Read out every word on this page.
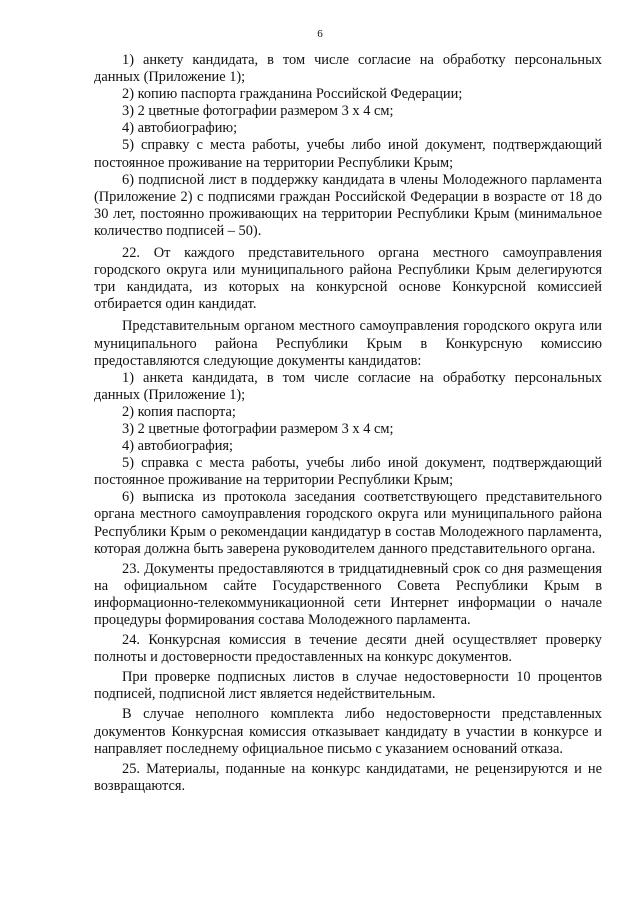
6

1) анкету кандидата, в том числе согласие на обработку персональных данных (Приложение 1);

2) копию паспорта гражданина Российской Федерации;

3) 2 цветные фотографии размером 3 х 4 см;

4) автобиографию;

5) справку с места работы, учебы либо иной документ, подтверждающий постоянное проживание на территории Республики Крым;

6) подписной лист в поддержку кандидата в члены Молодежного парламента (Приложение 2) с подписями граждан Российской Федерации в возрасте от 18 до 30 лет, постоянно проживающих на территории Республики Крым (минимальное количество подписей – 50).

22. От каждого представительного органа местного самоуправления городского округа или муниципального района Республики Крым делегируются три кандидата, из которых на конкурсной основе Конкурсной комиссией отбирается один кандидат.

Представительным органом местного самоуправления городского округа или муниципального района Республики Крым в Конкурсную комиссию предоставляются следующие документы кандидатов:

1) анкета кандидата, в том числе согласие на обработку персональных данных (Приложение 1);

2) копия паспорта;

3) 2 цветные фотографии размером 3 х 4 см;

4) автобиография;

5) справка с места работы, учебы либо иной документ, подтверждающий постоянное проживание на территории Республики Крым;

6) выписка из протокола заседания соответствующего представительного органа местного самоуправления городского округа или муниципального района Республики Крым о рекомендации кандидатур в состав Молодежного парламента, которая должна быть заверена руководителем данного представительного органа.

23. Документы предоставляются в тридцатидневный срок со дня размещения на официальном сайте Государственного Совета Республики Крым в информационно-телекоммуникационной сети Интернет информации о начале процедуры формирования состава Молодежного парламента.

24. Конкурсная комиссия в течение десяти дней осуществляет проверку полноты и достоверности предоставленных на конкурс документов.

При проверке подписных листов в случае недостоверности 10 процентов подписей, подписной лист является недействительным.

В случае неполного комплекта либо недостоверности представленных документов Конкурсная комиссия отказывает кандидату в участии в конкурсе и направляет последнему официальное письмо с указанием оснований отказа.

25. Материалы, поданные на конкурс кандидатами, не рецензируются и не возвращаются.
